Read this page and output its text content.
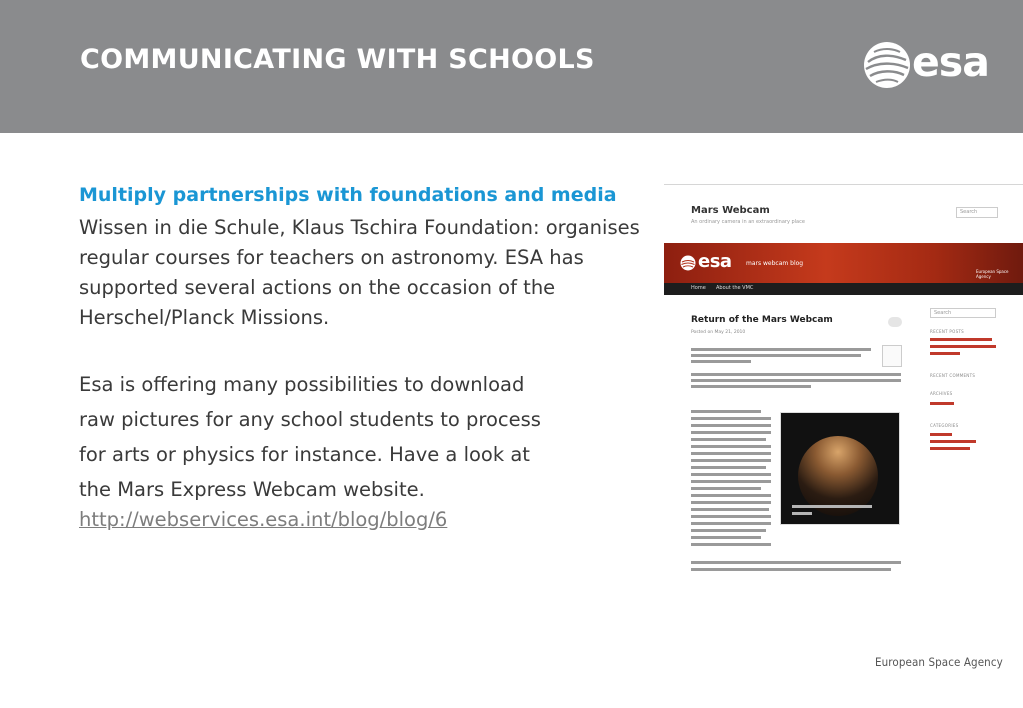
COMMUNICATING WITH SCHOOLS	esa
Multiply partnerships with foundations and media
Wissen in die Schule, Klaus Tschira Foundation: organises regular courses for teachers on astronomy. ESA has supported several actions on the occasion of the Herschel/Planck Missions.
Esa is offering many possibilities to download
raw pictures for any school students to process
for arts or physics for instance. Have a look at
the Mars Express Webcam website.
http://webservices.esa.int/blog/blog/6
Mars Webcam
An ordinary camera in an extraordinary place
Search
esa mars webcam blog
European Space Agency
Home About the VMC
Return of the Mars Webcam
Posted on May 21, 2010
Search
RECENT POSTS
RECENT COMMENTS
ARCHIVES
CATEGORIES
European Space Agency
